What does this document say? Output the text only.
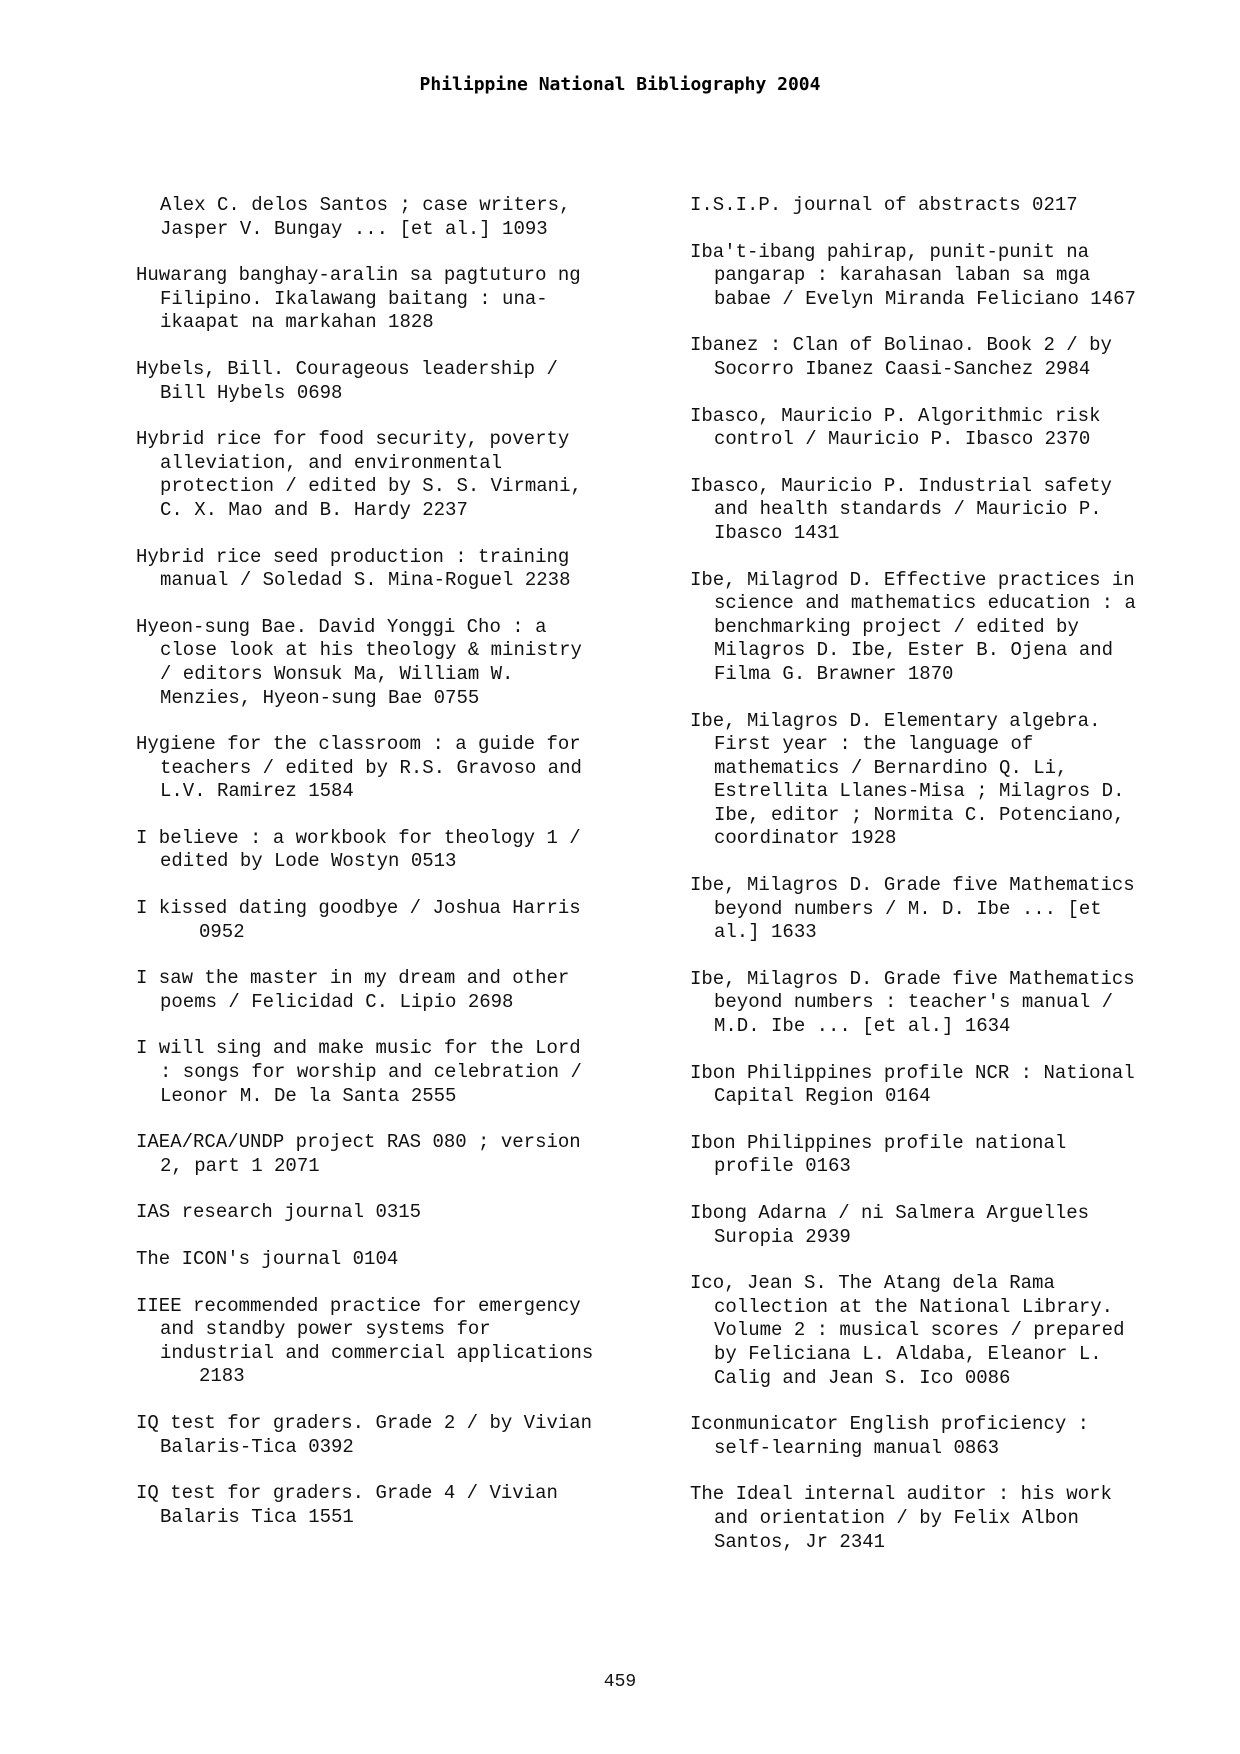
Philippine National Bibliography 2004
Alex C. delos Santos ; case writers,
Jasper V. Bungay ... [et al.] 1093
Huwarang banghay-aralin sa pagtuturo ng
Filipino. Ikalawang baitang : una-
ikaapat na markahan 1828
Hybels, Bill. Courageous leadership /
Bill Hybels 0698
Hybrid rice for food security, poverty
alleviation, and environmental
protection / edited by S. S. Virmani,
C. X. Mao and B. Hardy 2237
Hybrid rice seed production : training
manual / Soledad S. Mina-Roguel 2238
Hyeon-sung Bae. David Yonggi Cho : a
close look at his theology & ministry
/ editors Wonsuk Ma, William W.
Menzies, Hyeon-sung Bae 0755
Hygiene for the classroom : a guide for
teachers / edited by R.S. Gravoso and
L.V. Ramirez 1584
I believe : a workbook for theology 1 /
edited by Lode Wostyn 0513
I kissed dating goodbye / Joshua Harris
0952
I saw the master in my dream and other
poems / Felicidad C. Lipio 2698
I will sing and make music for the Lord
: songs for worship and celebration /
Leonor M. De la Santa 2555
IAEA/RCA/UNDP project RAS 080 ; version
2, part 1 2071
IAS research journal 0315
The ICON's journal 0104
IIEE recommended practice for emergency
and standby power systems for
industrial and commercial applications
2183
IQ test for graders. Grade 2 / by Vivian
Balaris-Tica 0392
IQ test for graders. Grade 4 / Vivian
Balaris Tica 1551
I.S.I.P. journal of abstracts 0217
Iba't-ibang pahirap, punit-punit na
pangarap : karahasan laban sa mga
babae / Evelyn Miranda Feliciano 1467
Ibanez : Clan of Bolinao. Book 2 / by
Socorro Ibanez Caasi-Sanchez 2984
Ibasco, Mauricio P. Algorithmic risk
control / Mauricio P. Ibasco 2370
Ibasco, Mauricio P. Industrial safety
and health standards / Mauricio P.
Ibasco 1431
Ibe, Milagrod D. Effective practices in
science and mathematics education : a
benchmarking project / edited by
Milagros D. Ibe, Ester B. Ojena and
Filma G. Brawner 1870
Ibe, Milagros D. Elementary algebra.
First year : the language of
mathematics / Bernardino Q. Li,
Estrellita Llanes-Misa ; Milagros D.
Ibe, editor ; Normita C. Potenciano,
coordinator 1928
Ibe, Milagros D. Grade five Mathematics
beyond numbers / M. D. Ibe ... [et
al.] 1633
Ibe, Milagros D. Grade five Mathematics
beyond numbers : teacher's manual /
M.D. Ibe ... [et al.] 1634
Ibon Philippines profile NCR : National
Capital Region 0164
Ibon Philippines profile national
profile 0163
Ibong Adarna / ni Salmera Arguelles
Suropia 2939
Ico, Jean S. The Atang dela Rama
collection at the National Library.
Volume 2 : musical scores / prepared
by Feliciana L. Aldaba, Eleanor L.
Calig and Jean S. Ico 0086
Iconmunicator English proficiency :
self-learning manual 0863
The Ideal internal auditor : his work
and orientation / by Felix Albon
Santos, Jr 2341
459
